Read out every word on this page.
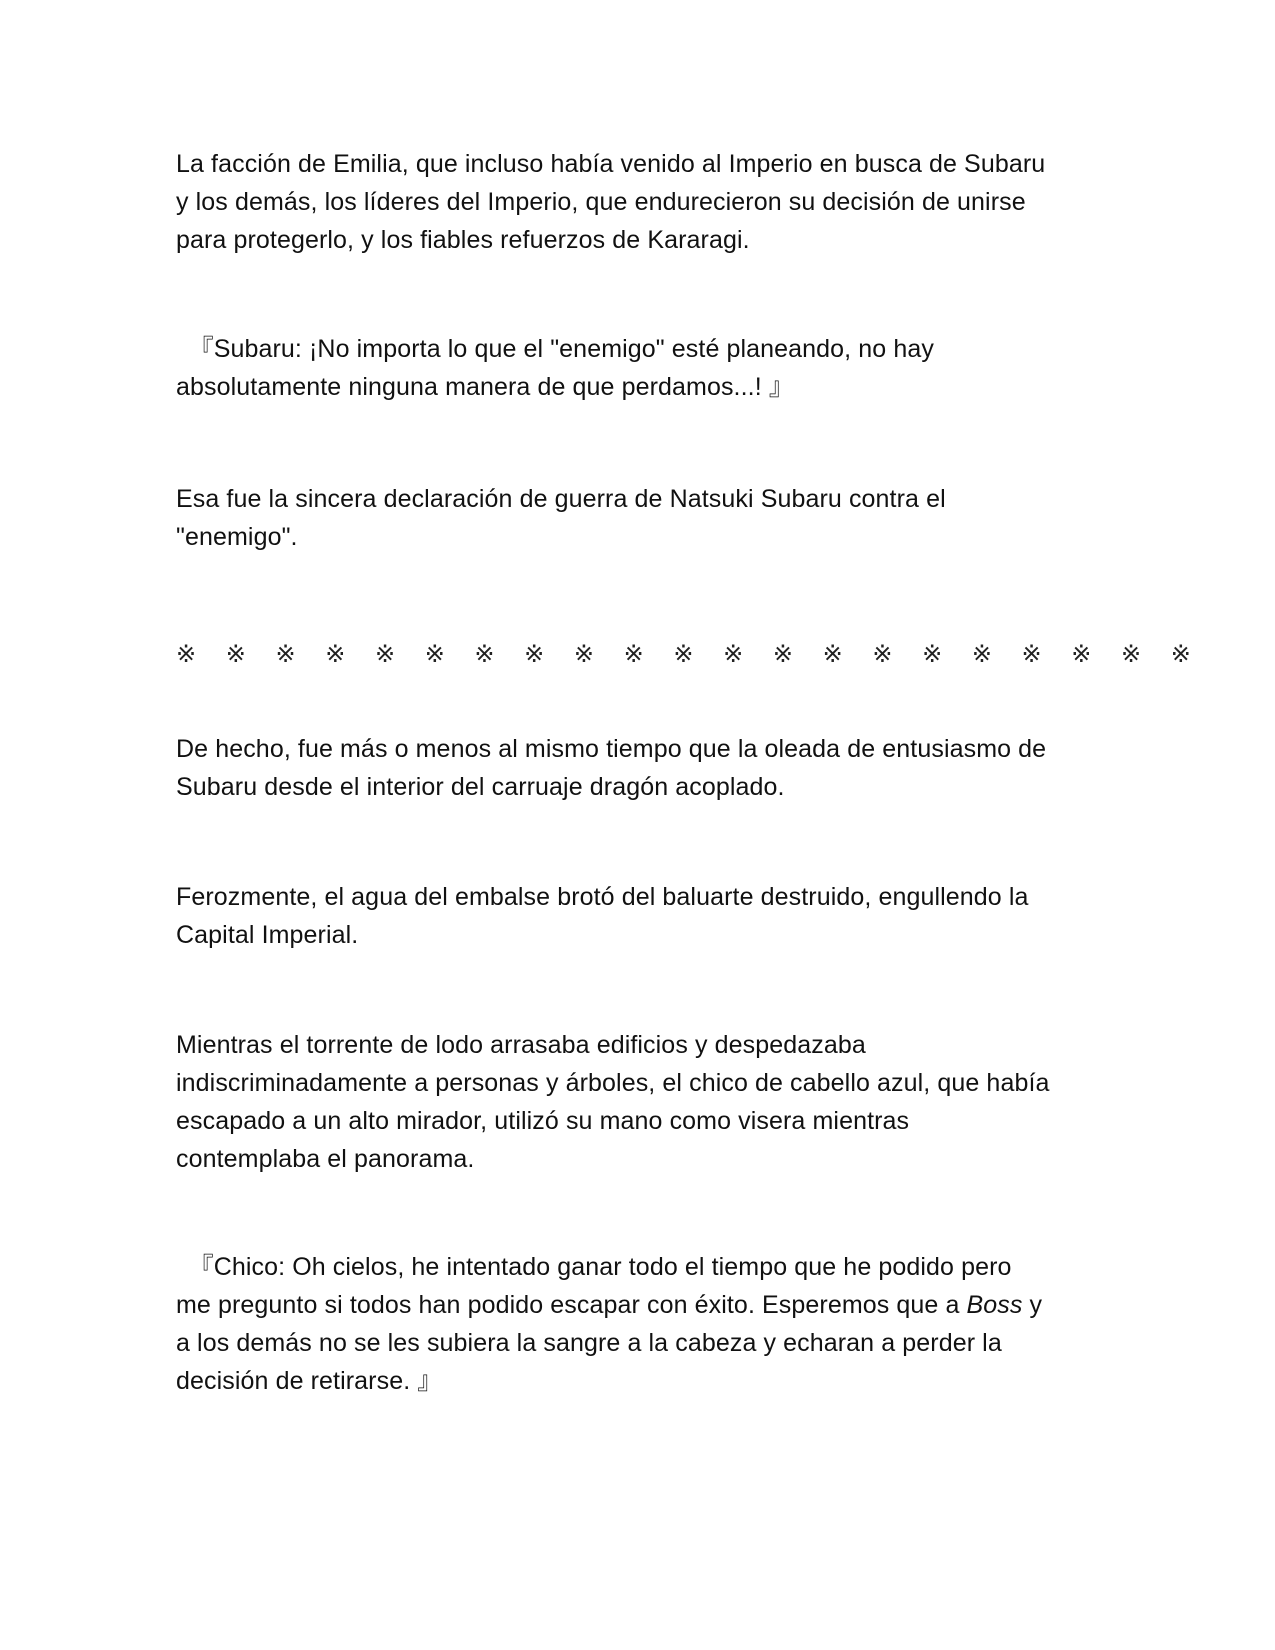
La facción de Emilia, que incluso había venido al Imperio en busca de Subaru
y los demás, los líderes del Imperio, que endurecieron su decisión de unirse
para protegerlo, y los fiables refuerzos de Kararagi.

　『Subaru: ¡No importa lo que el "enemigo" esté planeando, no hay
absolutamente ninguna manera de que perdamos...! 』

Esa fue la sincera declaración de guerra de Natsuki Subaru contra el
"enemigo".

※ ※ ※ ※ ※ ※ ※ ※ ※ ※ ※ ※ ※ ※ ※ ※ ※ ※ ※ ※ ※

De hecho, fue más o menos al mismo tiempo que la oleada de entusiasmo de
Subaru desde el interior del carruaje dragón acoplado.

Ferozmente, el agua del embalse brotó del baluarte destruido, engullendo la
Capital Imperial.

Mientras el torrente de lodo arrasaba edificios y despedazaba
indiscriminadamente a personas y árboles, el chico de cabello azul, que había
escapado a un alto mirador, utilizó su mano como visera mientras
contemplaba el panorama.

　『Chico: Oh cielos, he intentado ganar todo el tiempo que he podido pero
me pregunto si todos han podido escapar con éxito. Esperemos que a Boss y
a los demás no se les subiera la sangre a la cabeza y echaran a perder la
decisión de retirarse. 』
